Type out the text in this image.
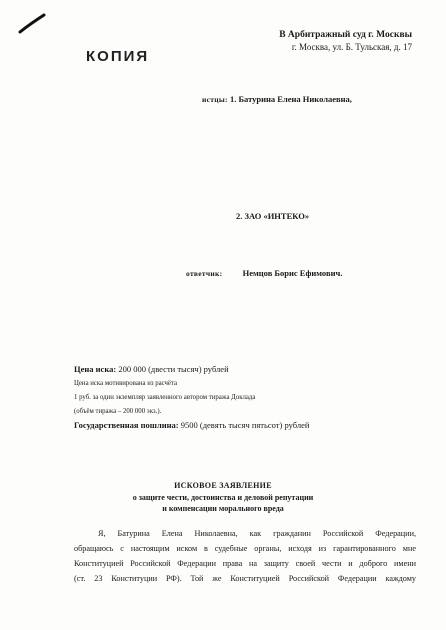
КОПИЯ
В Арбитражный суд г. Москвы
г. Москва, ул. Б. Тульская, д. 17
истцы: 1. Батурина Елена Николаевна,
2. ЗАО «ИНТЕКО»
ответчик: Немцов Борис Ефимович.
Цена иска: 200 000 (двести тысяч) рублей
Цена иска мотивирована из расчёта
1 руб. за один экземпляр заявленного автором тиража Доклада
(объём тиража – 200 000 экз.).
Государственная пошлина: 9500 (девять тысяч пятьсот) рублей
ИСКОВОЕ ЗАЯВЛЕНИЕ
о защите чести, достоинства и деловой репутации
и компенсации морального вреда
Я, Батурина Елена Николаевна, как гражданин Российской Федерации,
обращаюсь с настоящим иском в судебные органы, исходя из гарантированного мне
Конституцией Российской Федерации права на защиту своей чести и доброго имени
(ст. 23 Конституции РФ). Той же Конституцией Российской Федерации каждому
